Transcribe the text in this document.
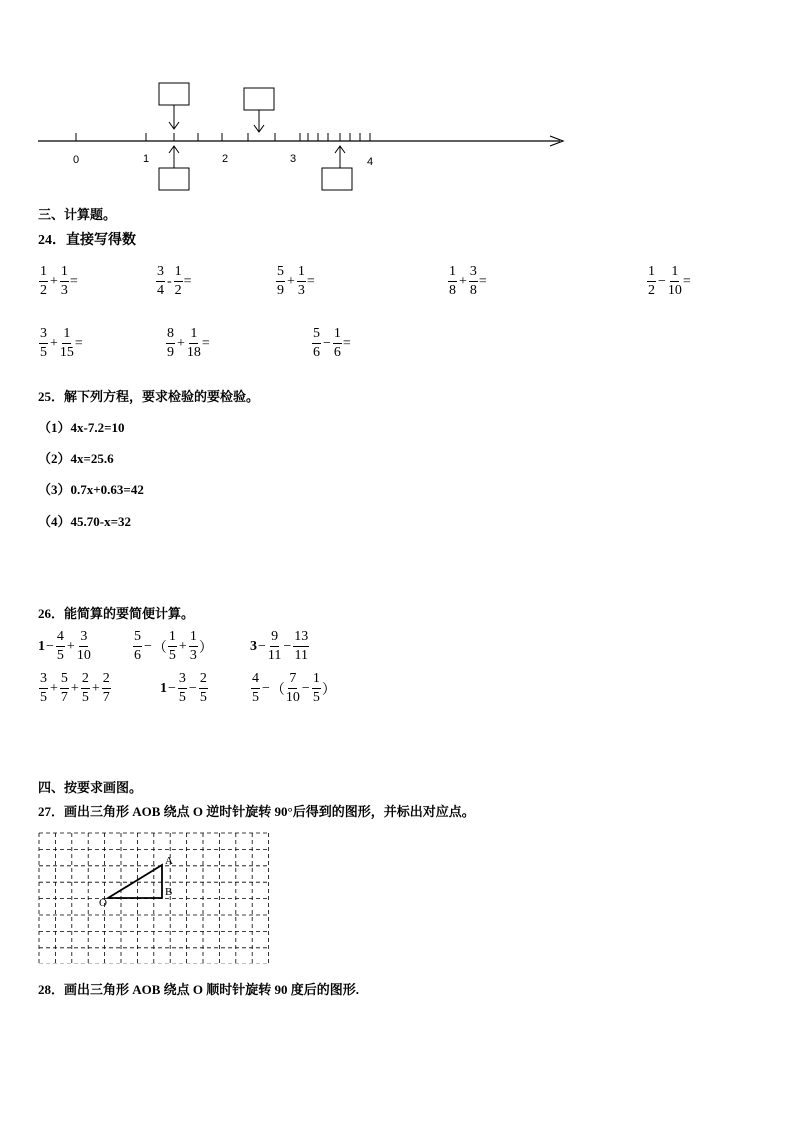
0	1	2	3	4
三、计算题。
24．直接写得数
$\frac{1}{2} + \frac{1}{3}$ =	$\frac{3}{4} - \frac{1}{2}$ =	$\frac{5}{9} + \frac{1}{3}$ =	$\frac{1}{8} + \frac{3}{8}$ =	$\frac{1}{2} - \frac{1}{10}$ =
$\frac{3}{5} + \frac{1}{15}$ =	$\frac{8}{9} + \frac{1}{18}$ =	$\frac{5}{6} - \frac{1}{6}$ =
25．解下列方程，要求检验的要检验。
（1）4x-7.2=10
（2）4x=25.6
（3）0.7x+0.63=42
（4）45.70-x=32
26．能简算的要简便计算。
$1 - \frac{4}{5} + \frac{3}{10}$	$\frac{5}{6}$ − （ $\frac{1}{5} + \frac{1}{3}$ ）	$3 - \frac{9}{11} - \frac{13}{11}$
$\frac{3}{5} + \frac{5}{7} + \frac{2}{5} + \frac{2}{7}$	$1 - \frac{3}{5} - \frac{2}{5}$	$\frac{4}{5}$ − （ $\frac{7}{10} - \frac{1}{5}$ ）
四、按要求画图。
27．画出三角形 AOB 绕点 O 逆时针旋转 90°后得到的图形，并标出对应点。
A
B
O
28．画出三角形 AOB 绕点 O 顺时针旋转 90 度后的图形.
